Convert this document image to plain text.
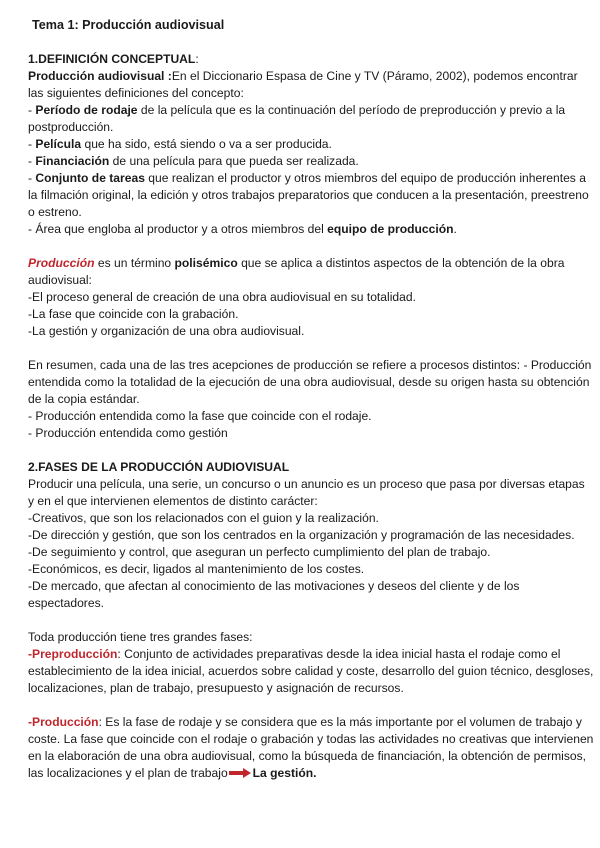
Tema 1: Producción audiovisual

1.DEFINICIÓN CONCEPTUAL:

Producción audiovisual :En el Diccionario Espasa de Cine y TV (Páramo, 2002), podemos encontrar las siguientes definiciones del concepto:

- Período de rodaje de la película que es la continuación del período de preproducción y previo a la postproducción.

- Película que ha sido, está siendo o va a ser producida.

- Financiación de una película para que pueda ser realizada.

- Conjunto de tareas que realizan el productor y otros miembros del equipo de producción inherentes a la filmación original, la edición y otros trabajos preparatorios que conducen a la presentación, preestreno o estreno.

- Área que engloba al productor y a otros miembros del equipo de producción.

Producción es un término polisémico que se aplica a distintos aspectos de la obtención de la obra audiovisual:

-El proceso general de creación de una obra audiovisual en su totalidad.

-La fase que coincide con la grabación.

-La gestión y organización de una obra audiovisual.

En resumen, cada una de las tres acepciones de producción se refiere a procesos distintos: - Producción entendida como la totalidad de la ejecución de una obra audiovisual, desde su origen hasta su obtención de la copia estándar.

- Producción entendida como la fase que coincide con el rodaje.

- Producción entendida como gestión

2.FASES DE LA PRODUCCIÓN AUDIOVISUAL

Producir una película, una serie, un concurso o un anuncio es un proceso que pasa por diversas etapas y en el que intervienen elementos de distinto carácter:

-Creativos, que son los relacionados con el guion y la realización.

-De dirección y gestión, que son los centrados en la organización y programación de las necesidades.

-De seguimiento y control, que aseguran un perfecto cumplimiento del plan de trabajo.

-Económicos, es decir, ligados al mantenimiento de los costes.

-De mercado, que afectan al conocimiento de las motivaciones y deseos del cliente y de los espectadores.

Toda producción tiene tres grandes fases:

-Preproducción: Conjunto de actividades preparativas desde la idea inicial hasta el rodaje como el establecimiento de la idea inicial, acuerdos sobre calidad y coste, desarrollo del guion técnico, desgloses, localizaciones, plan de trabajo, presupuesto y asignación de recursos.

-Producción: Es la fase de rodaje y se considera que es la más importante por el volumen de trabajo y coste. La fase que coincide con el rodaje o grabación y todas las actividades no creativas que intervienen en la elaboración de una obra audiovisual, como la búsqueda de financiación, la obtención de permisos, las localizaciones y el plan de trabajo La gestión.
